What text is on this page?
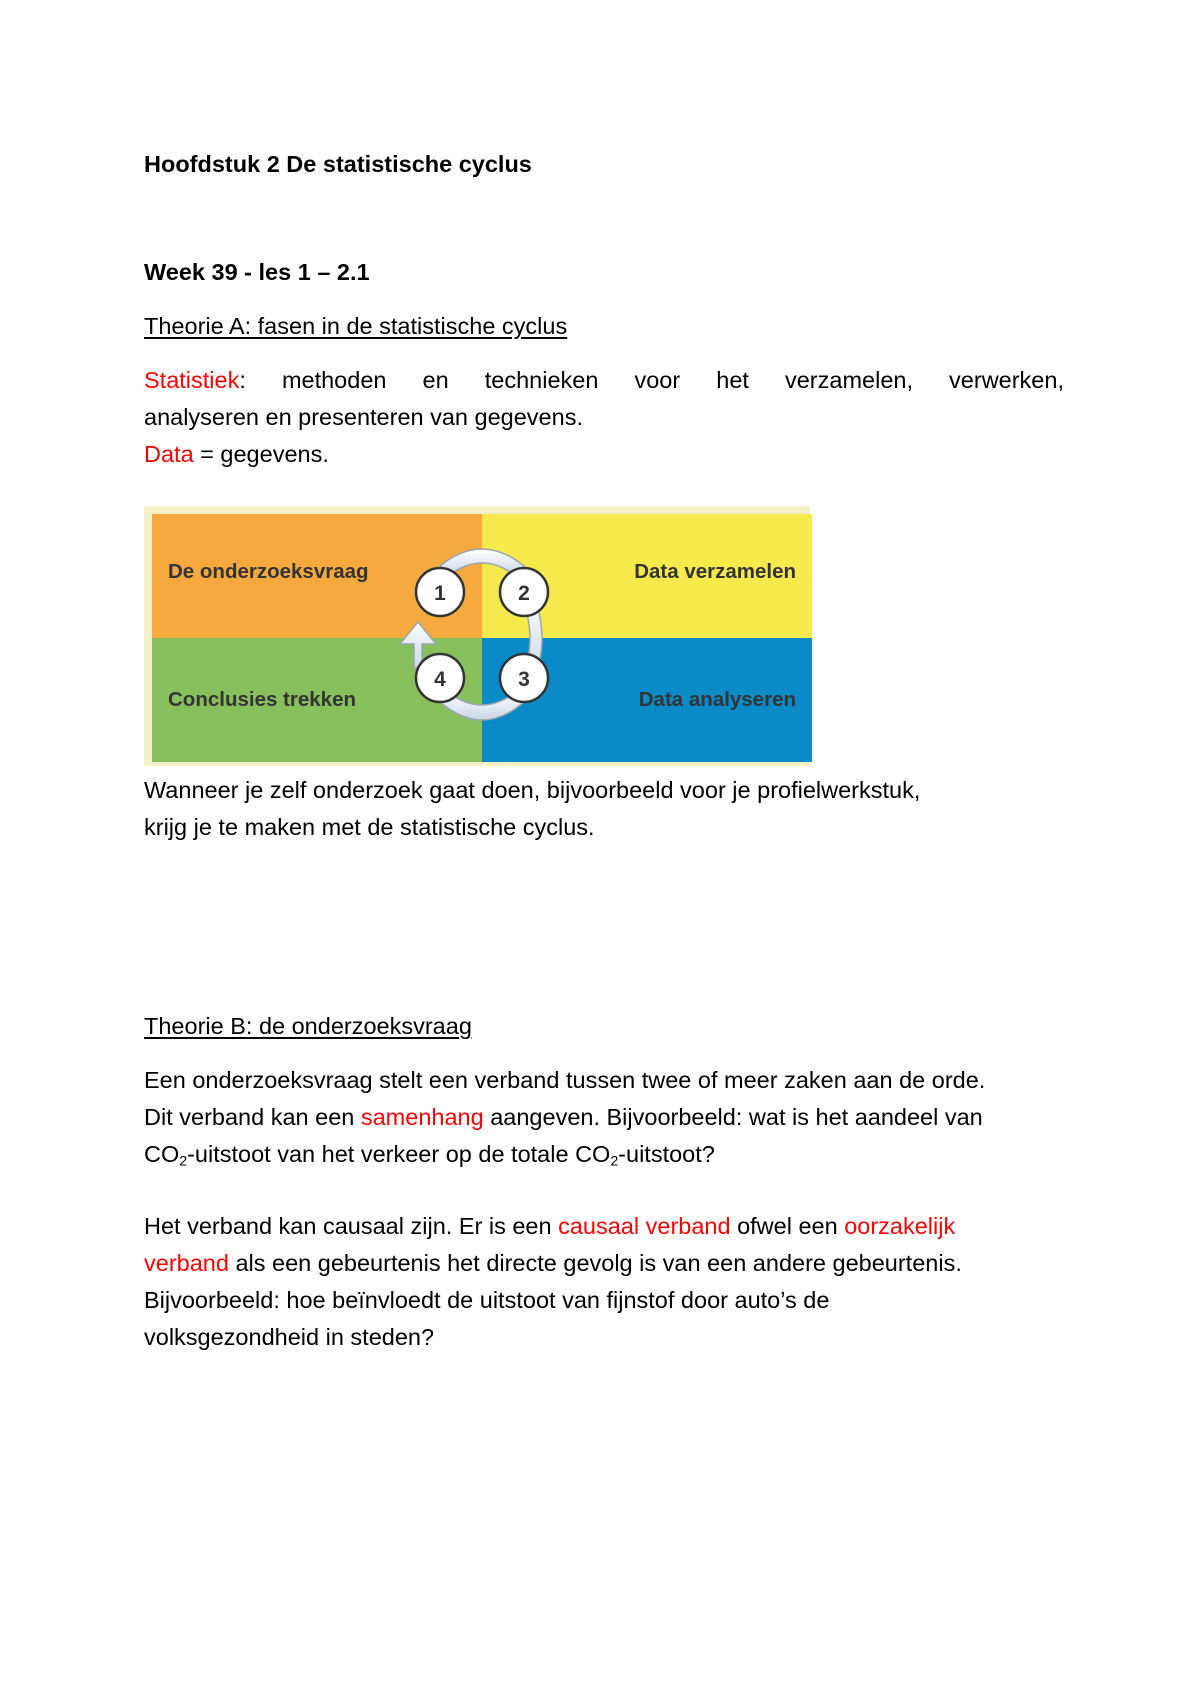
Hoofdstuk 2 De statistische cyclus
Week 39 - les 1 – 2.1
Theorie A: fasen in de statistische cyclus
Statistiek: methoden en technieken voor het verzamelen, verwerken,
analyseren en presenteren van gegevens.
Data = gegevens.
De onderzoeksvraag	Data verzamelen
Conclusies trekken	Data analyseren
1	2
3
4
Wanneer je zelf onderzoek gaat doen, bijvoorbeeld voor je profielwerkstuk,
krijg je te maken met de statistische cyclus.
Theorie B: de onderzoeksvraag
Een onderzoeksvraag stelt een verband tussen twee of meer zaken aan de orde.
Dit verband kan een samenhang aangeven. Bijvoorbeeld: wat is het aandeel van
$CO_2$-uitstoot van het verkeer op de totale $CO_2$-uitstoot?
Het verband kan causaal zijn. Er is een causaal verband ofwel een oorzakelijk
verband als een gebeurtenis het directe gevolg is van een andere gebeurtenis.
Bijvoorbeeld: hoe beïnvloedt de uitstoot van fijnstof door auto’s de
volksgezondheid in steden?
